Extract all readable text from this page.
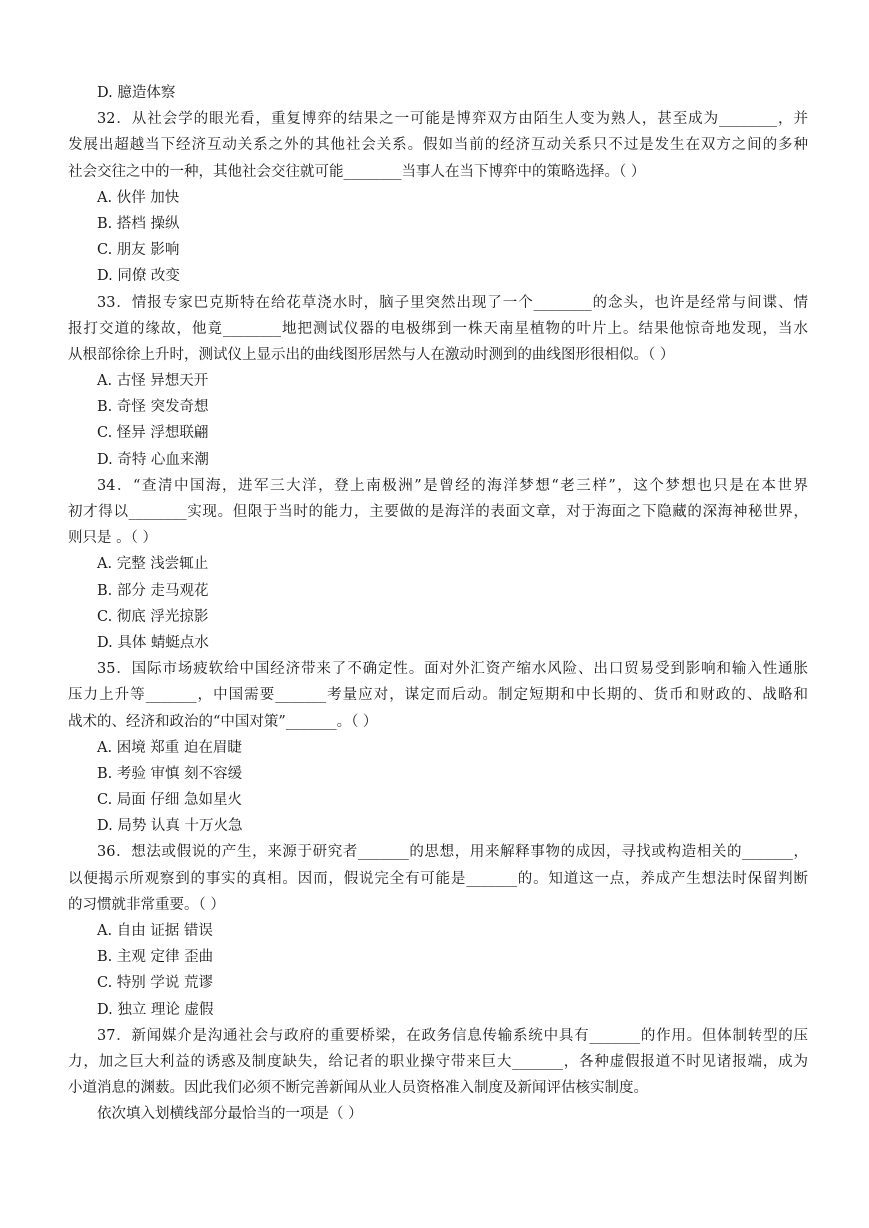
D. 臆造体察
32．从社会学的眼光看，重复博弈的结果之一可能是博弈双方由陌生人变为熟人，甚至成为________，并
发展出超越当下经济互动关系之外的其他社会关系。假如当前的经济互动关系只不过是发生在双方之间的多种
社会交往之中的一种，其他社会交往就可能________当事人在当下博弈中的策略选择。（ ）
A. 伙伴 加快
B. 搭档 操纵
C. 朋友 影响
D. 同僚 改变
33．情报专家巴克斯特在给花草浇水时，脑子里突然出现了一个________的念头，也许是经常与间谍、情
报打交道的缘故，他竟________地把测试仪器的电极绑到一株天南星植物的叶片上。结果他惊奇地发现，当水
从根部徐徐上升时，测试仪上显示出的曲线图形居然与人在激动时测到的曲线图形很相似。（ ）
A. 古怪 异想天开
B. 奇怪 突发奇想
C. 怪异 浮想联翩
D. 奇特 心血来潮
34．“查清中国海，进军三大洋，登上南极洲”是曾经的海洋梦想“老三样”，这个梦想也只是在本世界
初才得以________实现。但限于当时的能力，主要做的是海洋的表面文章，对于海面之下隐藏的深海神秘世界，
则只是 。（ ）
A. 完整 浅尝辄止
B. 部分 走马观花
C. 彻底 浮光掠影
D. 具体 蜻蜓点水
35．国际市场疲软给中国经济带来了不确定性。面对外汇资产缩水风险、出口贸易受到影响和输入性通胀
压力上升等_______，中国需要_______考量应对，谋定而后动。制定短期和中长期的、货币和财政的、战略和
战术的、经济和政治的“中国对策”_______。（ ）
A. 困境 郑重 迫在眉睫
B. 考验 审慎 刻不容缓
C. 局面 仔细 急如星火
D. 局势 认真 十万火急
36．想法或假说的产生，来源于研究者_______的思想，用来解释事物的成因，寻找或构造相关的_______，
以便揭示所观察到的事实的真相。因而，假说完全有可能是_______的。知道这一点，养成产生想法时保留判断
的习惯就非常重要。（ ）
A. 自由 证据 错误
B. 主观 定律 歪曲
C. 特别 学说 荒谬
D. 独立 理论 虚假
37．新闻媒介是沟通社会与政府的重要桥梁，在政务信息传输系统中具有_______的作用。但体制转型的压
力，加之巨大利益的诱惑及制度缺失，给记者的职业操守带来巨大_______，各种虚假报道不时见诸报端，成为
小道消息的渊薮。因此我们必须不断完善新闻从业人员资格准入制度及新闻评估核实制度。
依次填入划横线部分最恰当的一项是（ ）
